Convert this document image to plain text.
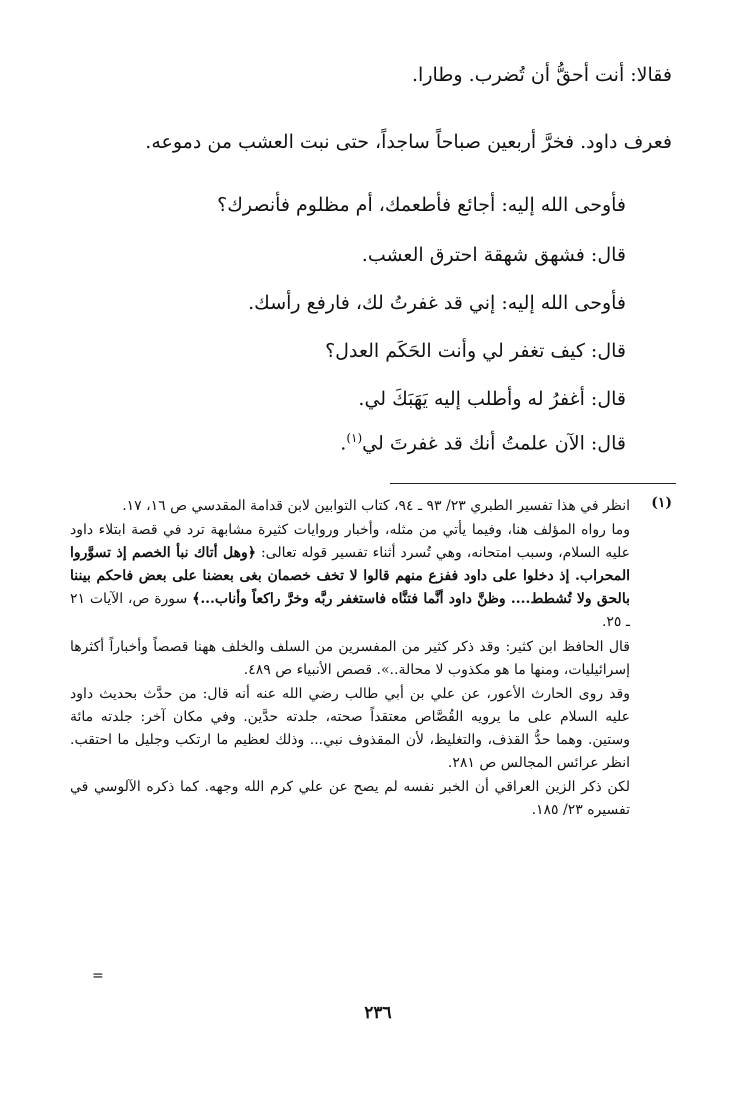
فقالا: أنت أحقُّ أن تُضرب. وطارا.

فعرف داود. فخرَّ أربعين صباحاً ساجداً، حتى نبت العشب من دموعه.

فأوحى الله إليه: أجائع فأطعمك، أم مظلوم فأنصرك؟

قال: فشهق شهقة احترق العشب.

فأوحى الله إليه: إني قد غفرتُ لك، فارفع رأسك.

قال: كيف تغفر لي وأنت الحَكَم العدل؟

قال: أغفرُ له وأطلب إليه يَهَبَكَ لي.

قال: الآن علمتُ أنك قد غفرتَ لي$^{(١)}$.

(١)

انظر في هذا تفسير الطبري ٢٣/ ٩٣ ـ ٩٤، كتاب التوابين لابن قدامة المقدسي ص ١٦، ١٧.

وما رواه المؤلف هنا، وفيما يأتي من مثله، وأخبار وروايات كثيرة مشابهة ترد في قصة ابتلاء داود عليه السلام، وسبب امتحانه، وهي تُسرد أثناء تفسير قوله تعالى: ﴿وهل أتاك نبأ الخصم إذ تسوَّروا المحراب. إذ دخلوا على داود ففزع منهم قالوا لا تخف خصمان بغى بعضنا على بعض فاحكم بيننا بالحق ولا تُشطط.... وظنَّ داود أنَّما فتنَّاه فاستغفر ربَّه وخرَّ راكعاً وأناب...﴾ سورة ص، الآيات ٢١ ـ ٢٥.

قال الحافظ ابن كثير: وقد ذكر كثير من المفسرين من السلف والخلف ههنا قصصاً وأخباراً أكثرها إسرائيليات، ومنها ما هو مكذوب لا محالة..». قصص الأنبياء ص ٤٨٩.

وقد روى الحارث الأعور، عن علي بن أبي طالب رضي الله عنه أنه قال: من حدَّث بحديث داود عليه السلام على ما يرويه القُصَّاص معتقداً صحته، جلدته حدَّين. وفي مكان آخر: جلدته مائة وستين. وهما حدُّ القذف، والتغليظ، لأن المقذوف نبي... وذلك لعظيم ما ارتكب وجليل ما احتقب. انظر عرائس المجالس ص ٢٨١.

لكن ذكر الزين العراقي أن الخبر نفسه لم يصح عن علي كرم الله وجهه. كما ذكره الآلوسي في تفسيره ٢٣/ ١٨٥.

=
٢٣٦
